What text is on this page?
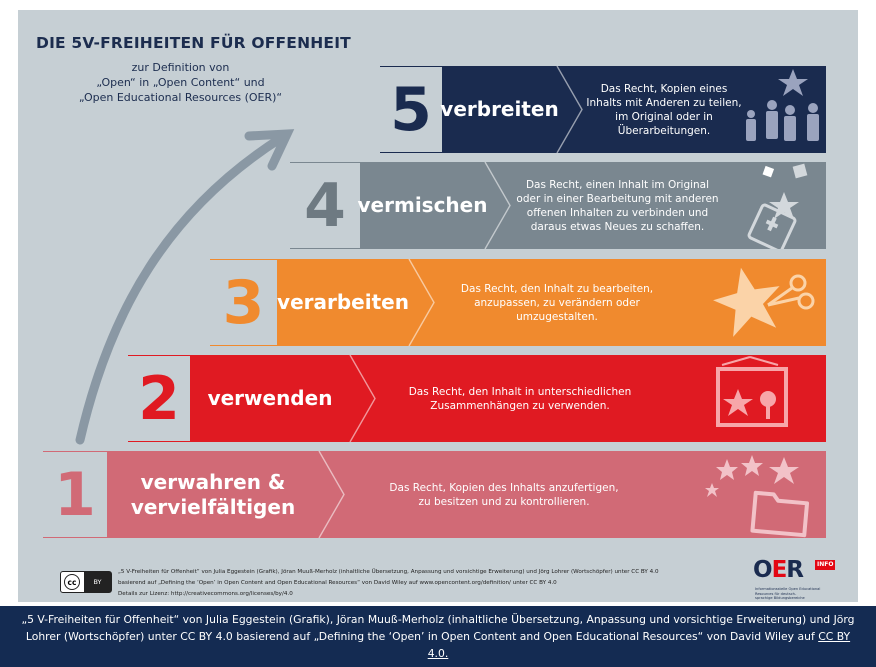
DIE 5V-FREIHEITEN FÜR OFFENHEIT
zur Definition von
„Open“ in „Open Content“ und
„Open Educational Resources (OER)“ 5 verbreiten
Das Recht, Kopien eines
Inhalts mit Anderen zu teilen,
im Original oder in
Überarbeitungen.
4 vermischen
Das Recht, einen Inhalt im Original
oder in einer Bearbeitung mit anderen
offenen Inhalten zu verbinden und
daraus etwas Neues zu schaffen.
3 verarbeiten
Das Recht, den Inhalt zu bearbeiten,
anzupassen, zu verändern oder
umzugestalten.
2	verwenden	Das Recht, den Inhalt in unterschiedlichen
Zusammenhängen zu verwenden.
1	verwahren &
vervielfältigen
Das Recht, Kopien des Inhalts anzufertigen,
zu besitzen und zu kontrollieren.
cc	BY
„5 V-Freiheiten für Offenheit“ von Julia Eggestein (Grafik), Jöran Muuß-Merholz (inhaltliche Übersetzung, Anpassung und vorsichtige Erweiterung) und Jörg Lohrer (Wortschöpfer) unter CC BY 4.0
basierend auf „Defining the ‘Open’ in Open Content and Open Educational Resources“ von David Wiley auf www.opencontent.org/definition/ unter CC BY 4.0
Details zur Lizenz: http://creativecommons.org/licenses/by/4.0
OER	INFO
Informationsstelle Open Educational
Resources für deutsch-
sprachige Bildungsbereiche

„5 V-Freiheiten für Offenheit“ von Julia Eggestein (Grafik), Jöran Muuß-Merholz (inhaltliche Übersetzung, Anpassung und vorsichtige Erweiterung) und Jörg Lohrer (Wortschöpfer) unter CC BY 4.0 basierend auf „Defining the ‘Open’ in Open Content and Open Educational Resources“ von David Wiley auf CC BY 4.0.
